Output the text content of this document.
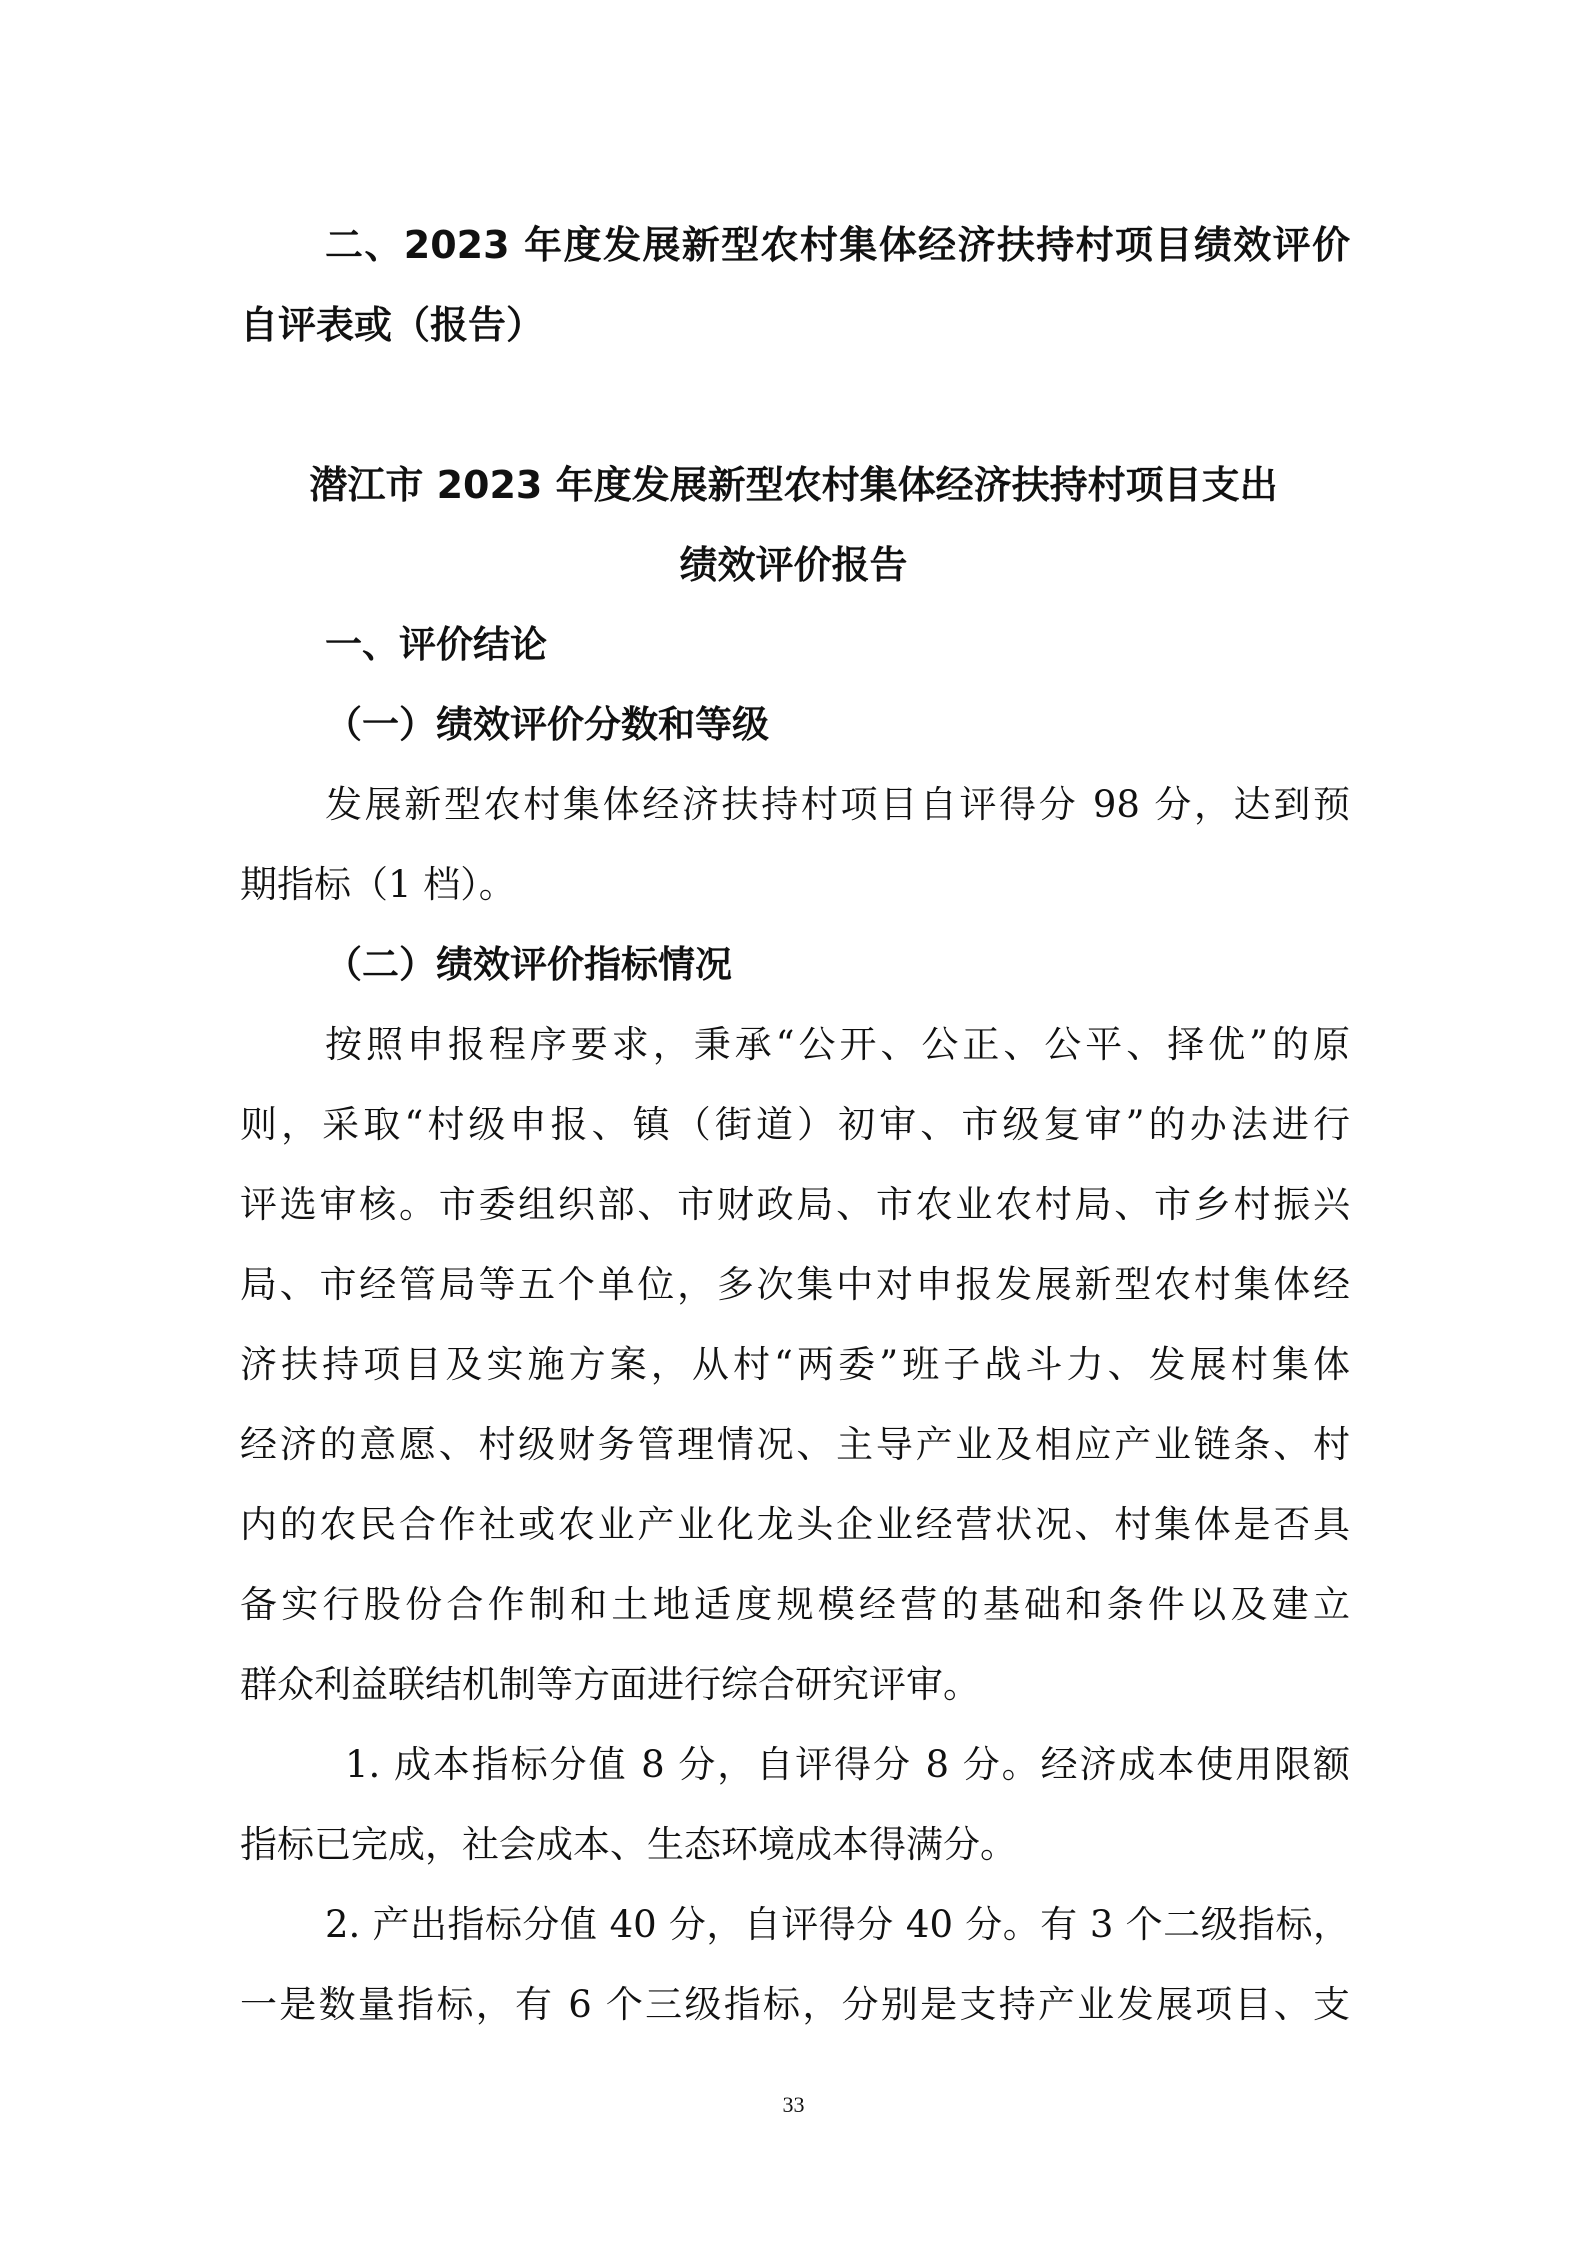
二、2023 年度发展新型农村集体经济扶持村项目绩效评价
自评表或（报告）
潜江市 2023 年度发展新型农村集体经济扶持村项目支出
绩效评价报告
一、评价结论
（一）绩效评价分数和等级
发展新型农村集体经济扶持村项目自评得分 98 分，达到预
期指标（1 档）。
（二）绩效评价指标情况
按照申报程序要求，秉承“公开、公正、公平、择优”的原
则，采取“村级申报、镇（街道）初审、市级复审”的办法进行
评选审核。市委组织部、市财政局、市农业农村局、市乡村振兴
局、市经管局等五个单位，多次集中对申报发展新型农村集体经
济扶持项目及实施方案，从村“两委”班子战斗力、发展村集体
经济的意愿、村级财务管理情况、主导产业及相应产业链条、村
内的农民合作社或农业产业化龙头企业经营状况、村集体是否具
备实行股份合作制和土地适度规模经营的基础和条件以及建立
群众利益联结机制等方面进行综合研究评审。
1. 成本指标分值 8 分，自评得分 8 分。经济成本使用限额
指标已完成，社会成本、生态环境成本得满分。
2. 产出指标分值 40 分，自评得分 40 分。有 3 个二级指标，
一是数量指标，有 6 个三级指标，分别是支持产业发展项目、支
33
